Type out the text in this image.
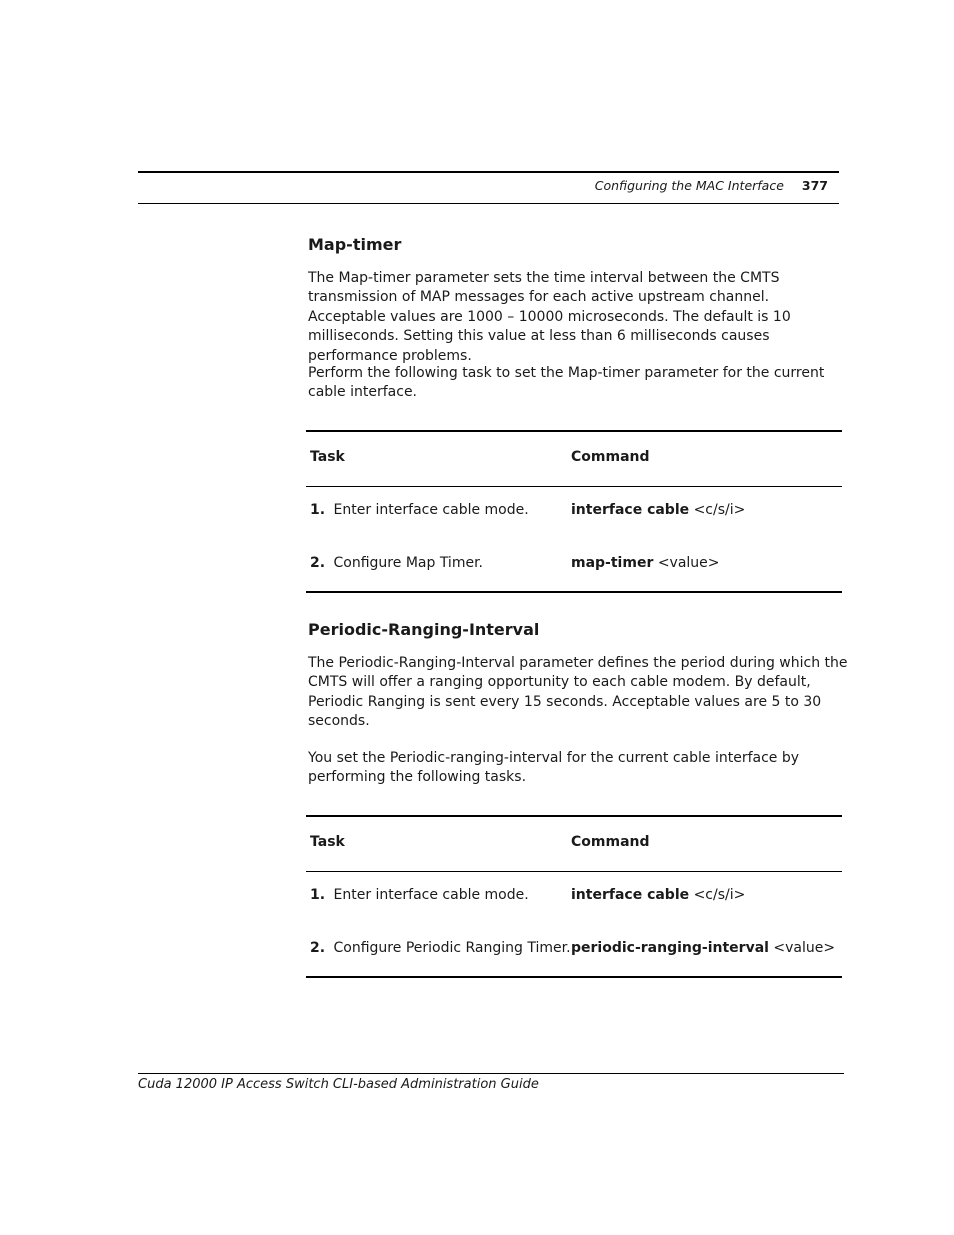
Configuring the MAC Interface 377
Map-timer
The Map-timer parameter sets the time interval between the CMTS transmission of MAP messages for each active upstream channel. Acceptable values are 1000 – 10000 microseconds. The default is 10 milliseconds. Setting this value at less than 6 milliseconds causes performance problems.
Perform the following task to set the Map-timer parameter for the current cable interface.
Task	Command
1. Enter interface cable mode.	interface cable <c/s/i>
2. Configure Map Timer.	map-timer <value>
Periodic-Ranging-Interval
The Periodic-Ranging-Interval parameter defines the period during which the CMTS will offer a ranging opportunity to each cable modem. By default, Periodic Ranging is sent every 15 seconds. Acceptable values are 5 to 30 seconds.
You set the Periodic-ranging-interval for the current cable interface by performing the following tasks.
Task	Command
1. Enter interface cable mode.	interface cable <c/s/i>
2. Configure Periodic Ranging Timer. periodic-ranging-interval <value>
Cuda 12000 IP Access Switch CLI-based Administration Guide
